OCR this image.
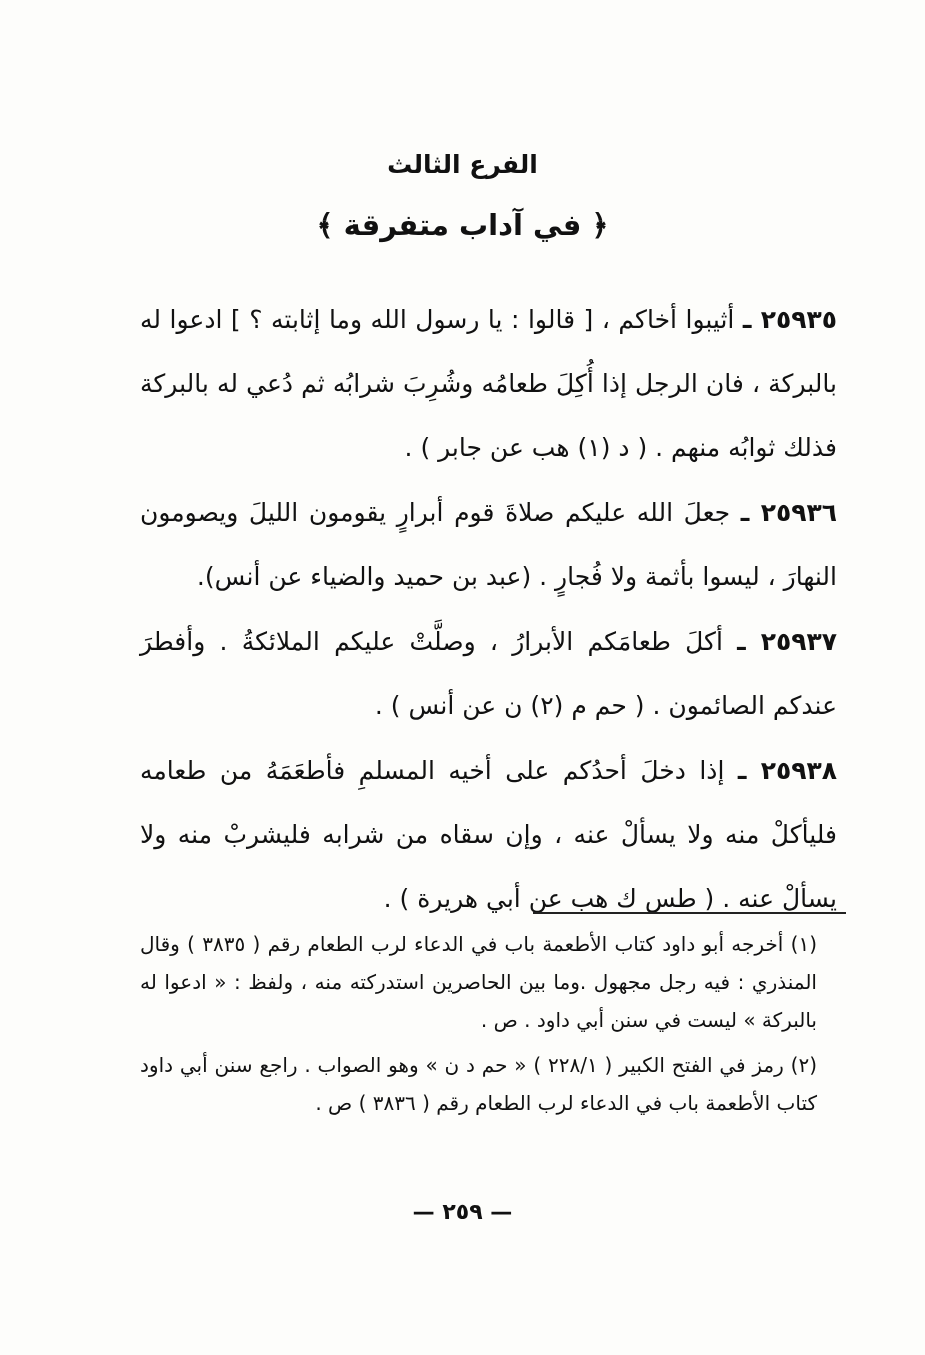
الفرع الثالث
﴿ في آداب متفرقة ﴾

٢٥٩٣٥ ـ أثيبوا أخاكم ، [ قالوا : يا رسول الله وما إثابته ؟ ] ادعوا له بالبركة ، فان الرجل إذا أُكِلَ طعامُه وشُرِبَ شرابُه ثم دُعي له بالبركة فذلك ثوابُه منهم . ( د (١) هب عن جابر ) .

٢٥٩٣٦ ـ جعلَ الله عليكم صلاةَ قوم أبرارٍ يقومون الليلَ ويصومون النهارَ ، ليسوا بأثمة ولا فُجارٍ . (عبد بن حميد والضياء عن أنس).

٢٥٩٣٧ ـ أكلَ طعامَكم الأبرارُ ، وصلَّتْ عليكم الملائكةُ . وأفطرَ عندكم الصائمون . ( حم م (٢) ن عن أنس ) .

٢٥٩٣٨ ـ إذا دخلَ أحدُكم على أخيه المسلمِ فأطعَمَهُ من طعامه فليأكلْ منه ولا يسألْ عنه ، وإن سقاه من شرابه فليشربْ منه ولا يسألْ عنه . ( طس ك هب عن أبي هريرة ) .

(١) أخرجه أبو داود كتاب الأطعمة باب في الدعاء لرب الطعام رقم ( ٣٨٣٥ ) وقال المنذري : فيه رجل مجهول .وما بين الحاصرين استدركته منه ، ولفظ : « ادعوا له بالبركة » ليست في سنن أبي داود . ص .

(٢) رمز في الفتح الكبير ( ٢٢٨/١ ) « حم د ن » وهو الصواب . راجع سنن أبي داود كتاب الأطعمة باب في الدعاء لرب الطعام رقم ( ٣٨٣٦ ) ص .

— ٢٥٩ —
